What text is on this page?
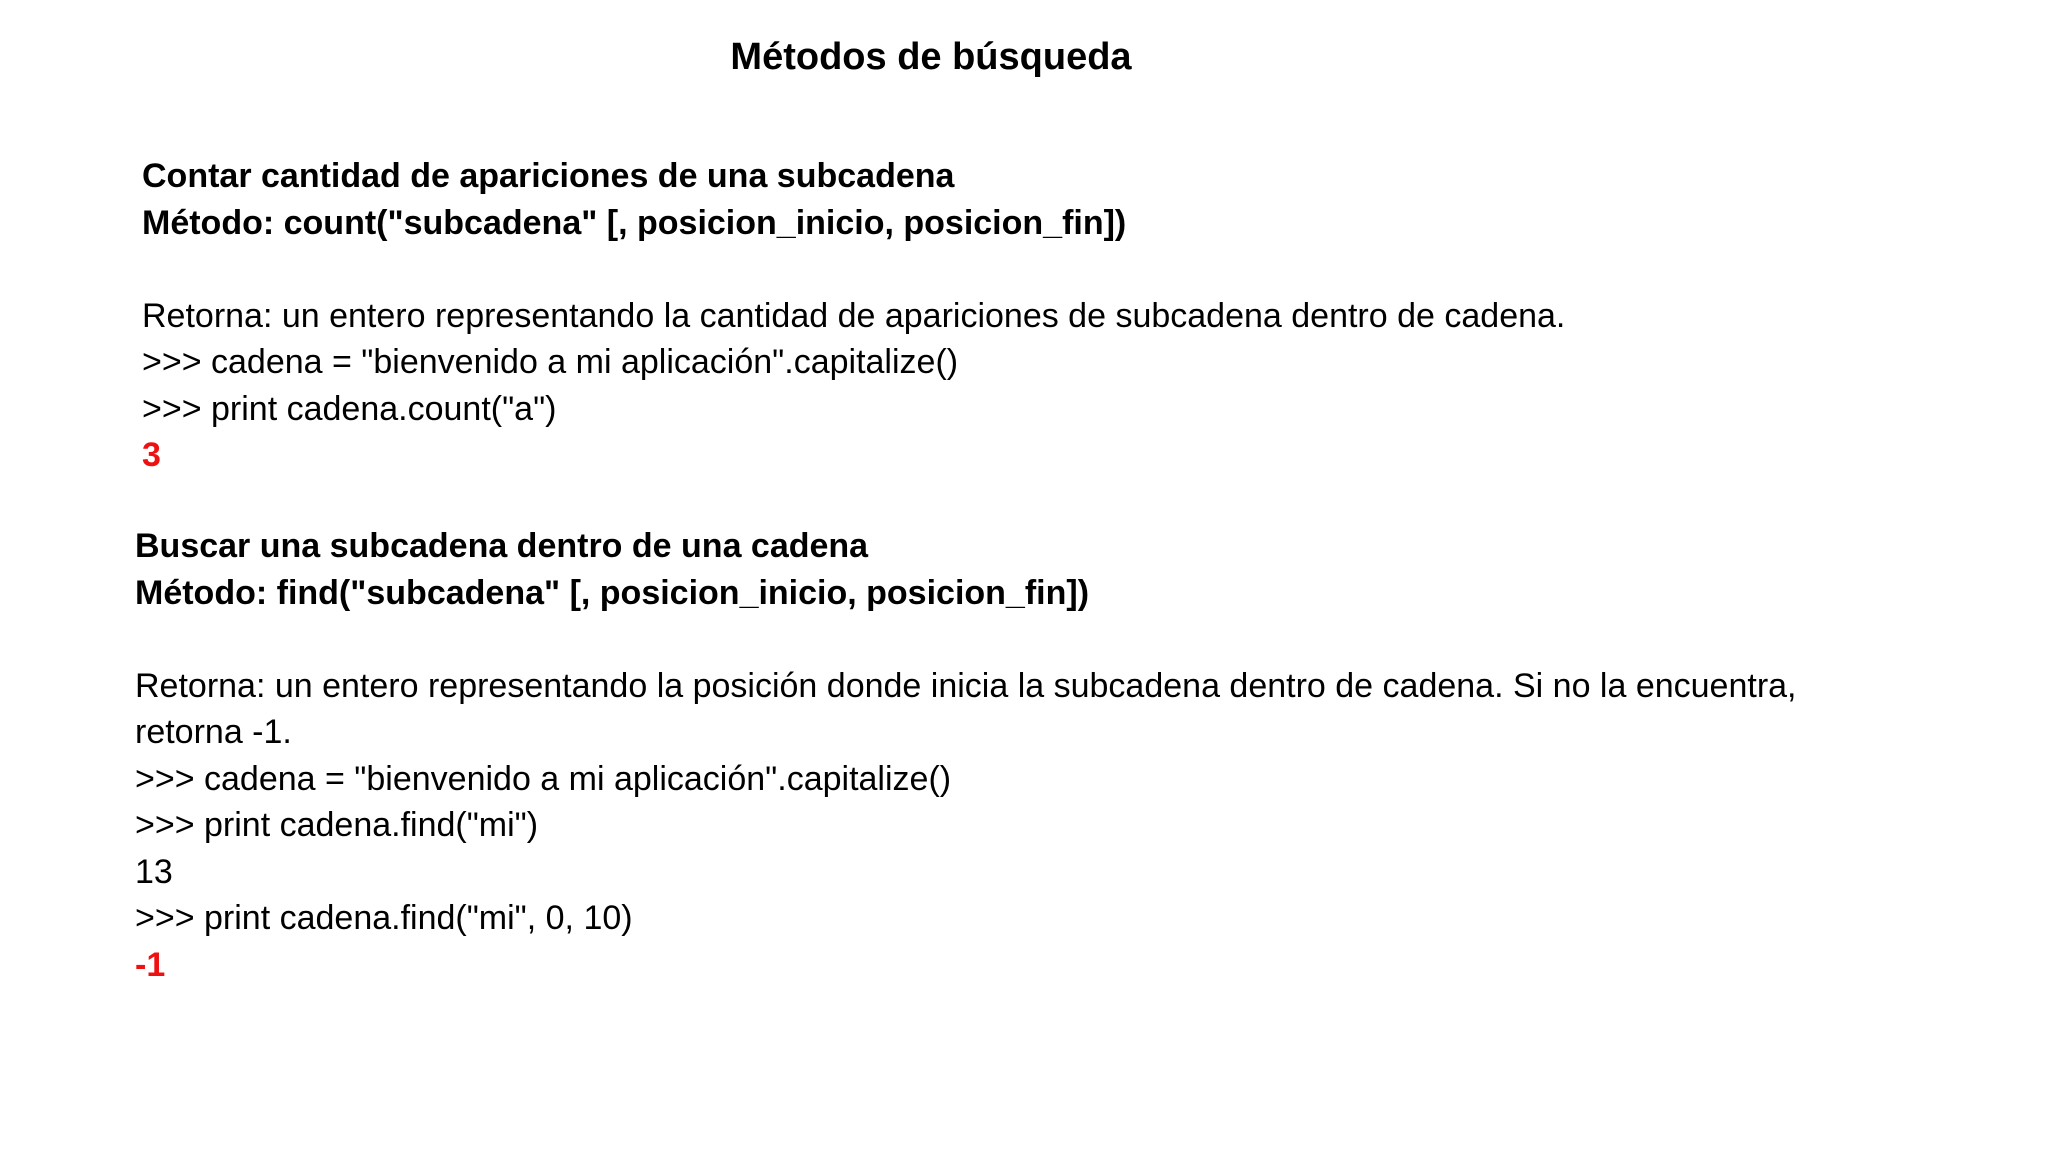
Métodos de búsqueda
Contar cantidad de apariciones de una subcadena
Método: count("subcadena" [, posicion_inicio, posicion_fin])
Retorna: un entero representando la cantidad de apariciones de subcadena dentro de cadena.
>>> cadena = "bienvenido a mi aplicación".capitalize()
>>> print cadena.count("a")
3
Buscar una subcadena dentro de una cadena
Método: find("subcadena" [, posicion_inicio, posicion_fin])
Retorna: un entero representando la posición donde inicia la subcadena dentro de cadena. Si no la encuentra,
retorna -1.
>>> cadena = "bienvenido a mi aplicación".capitalize()
>>> print cadena.find("mi")
13
>>> print cadena.find("mi", 0, 10)
-1
